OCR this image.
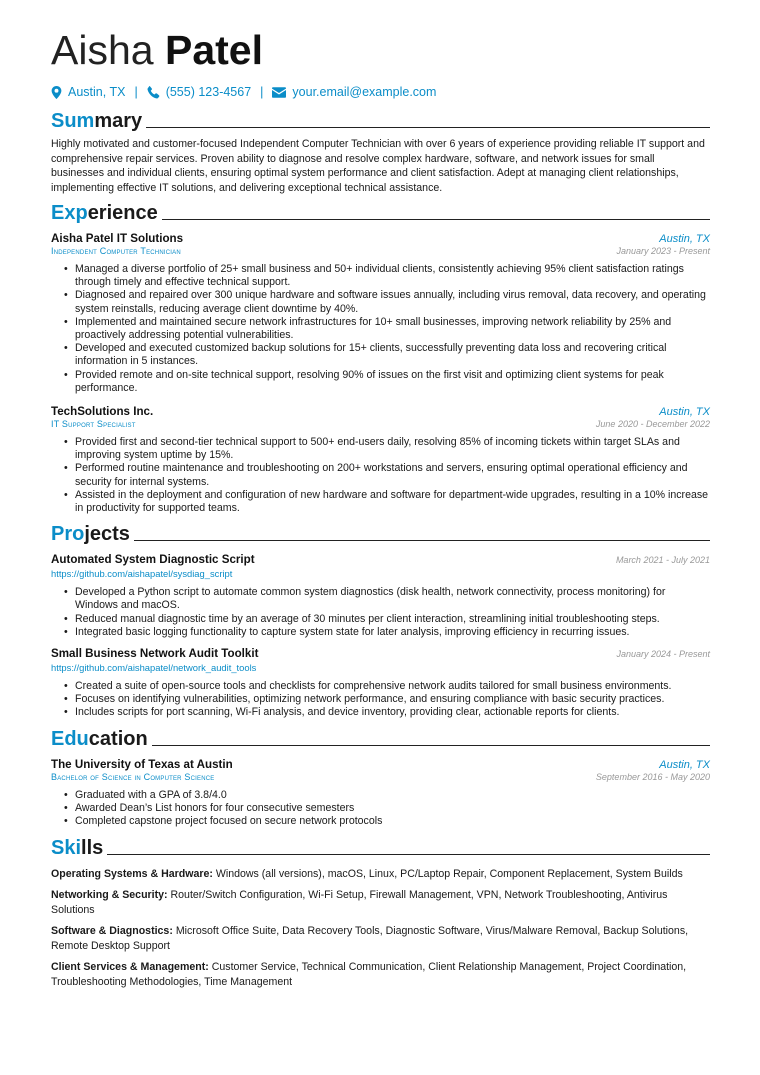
Aisha Patel
Austin, TX | (555) 123-4567 | your.email@example.com
Summary
Highly motivated and customer-focused Independent Computer Technician with over 6 years of experience providing reliable IT support and comprehensive repair services. Proven ability to diagnose and resolve complex hardware, software, and network issues for small businesses and individual clients, ensuring optimal system performance and client satisfaction. Adept at managing client relationships, implementing effective IT solutions, and delivering exceptional technical assistance.
Experience
Aisha Patel IT Solutions	Austin, TX
Independent Computer Technician	January 2023 - Present
• Managed a diverse portfolio of 25+ small business and 50+ individual clients, consistently achieving 95% client satisfaction ratings through timely and effective technical support.
• Diagnosed and repaired over 300 unique hardware and software issues annually, including virus removal, data recovery, and operating system reinstalls, reducing average client downtime by 40%.
• Implemented and maintained secure network infrastructures for 10+ small businesses, improving network reliability by 25% and proactively addressing potential vulnerabilities.
• Developed and executed customized backup solutions for 15+ clients, successfully preventing data loss and recovering critical information in 5 instances.
• Provided remote and on-site technical support, resolving 90% of issues on the first visit and optimizing client systems for peak performance.
TechSolutions Inc.	Austin, TX
IT Support Specialist	June 2020 - December 2022
• Provided first and second-tier technical support to 500+ end-users daily, resolving 85% of incoming tickets within target SLAs and improving system uptime by 15%.
• Performed routine maintenance and troubleshooting on 200+ workstations and servers, ensuring optimal operational efficiency and security for internal systems.
• Assisted in the deployment and configuration of new hardware and software for department-wide upgrades, resulting in a 10% increase in productivity for supported teams.
Projects
Automated System Diagnostic Script	March 2021 - July 2021
https://github.com/aishapatel/sysdiag_script
• Developed a Python script to automate common system diagnostics (disk health, network connectivity, process monitoring) for Windows and macOS.
• Reduced manual diagnostic time by an average of 30 minutes per client interaction, streamlining initial troubleshooting steps.
• Integrated basic logging functionality to capture system state for later analysis, improving efficiency in recurring issues.
Small Business Network Audit Toolkit	January 2024 - Present
https://github.com/aishapatel/network_audit_tools
• Created a suite of open-source tools and checklists for comprehensive network audits tailored for small business environments.
• Focuses on identifying vulnerabilities, optimizing network performance, and ensuring compliance with basic security practices.
• Includes scripts for port scanning, Wi-Fi analysis, and device inventory, providing clear, actionable reports for clients.
Education
The University of Texas at Austin	Austin, TX
Bachelor of Science in Computer Science	September 2016 - May 2020
• Graduated with a GPA of 3.8/4.0
• Awarded Dean’s List honors for four consecutive semesters
• Completed capstone project focused on secure network protocols
Skills
Operating Systems & Hardware: Windows (all versions), macOS, Linux, PC/Laptop Repair, Component Replacement, System Builds
Networking & Security: Router/Switch Configuration, Wi-Fi Setup, Firewall Management, VPN, Network Troubleshooting, Antivirus Solutions
Software & Diagnostics: Microsoft Office Suite, Data Recovery Tools, Diagnostic Software, Virus/Malware Removal, Backup Solutions, Remote Desktop Support
Client Services & Management: Customer Service, Technical Communication, Client Relationship Management, Project Coordination, Troubleshooting Methodologies, Time Management
